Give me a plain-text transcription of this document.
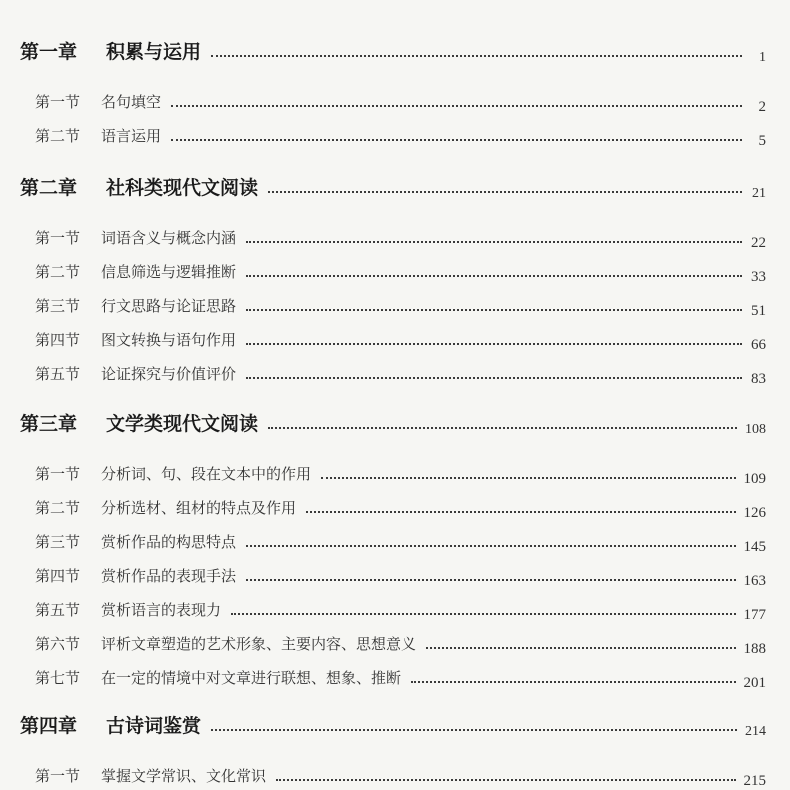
第一章	积累与运用	1
第一节	名句填空	2
第二节	语言运用	5
第二章	社科类现代文阅读	21
第一节	词语含义与概念内涵	22
第二节	信息筛选与逻辑推断	33
第三节	行文思路与论证思路	51
第四节	图文转换与语句作用	66
第五节	论证探究与价值评价	83
第三章	文学类现代文阅读	108
第一节	分析词、句、段在文本中的作用	109
第二节	分析选材、组材的特点及作用	126
第三节	赏析作品的构思特点	145
第四节	赏析作品的表现手法	163
第五节	赏析语言的表现力	177
第六节	评析文章塑造的艺术形象、主要内容、思想意义	188
第七节	在一定的情境中对文章进行联想、想象、推断	201
第四章	古诗词鉴赏	214
第一节	掌握文学常识、文化常识	215
